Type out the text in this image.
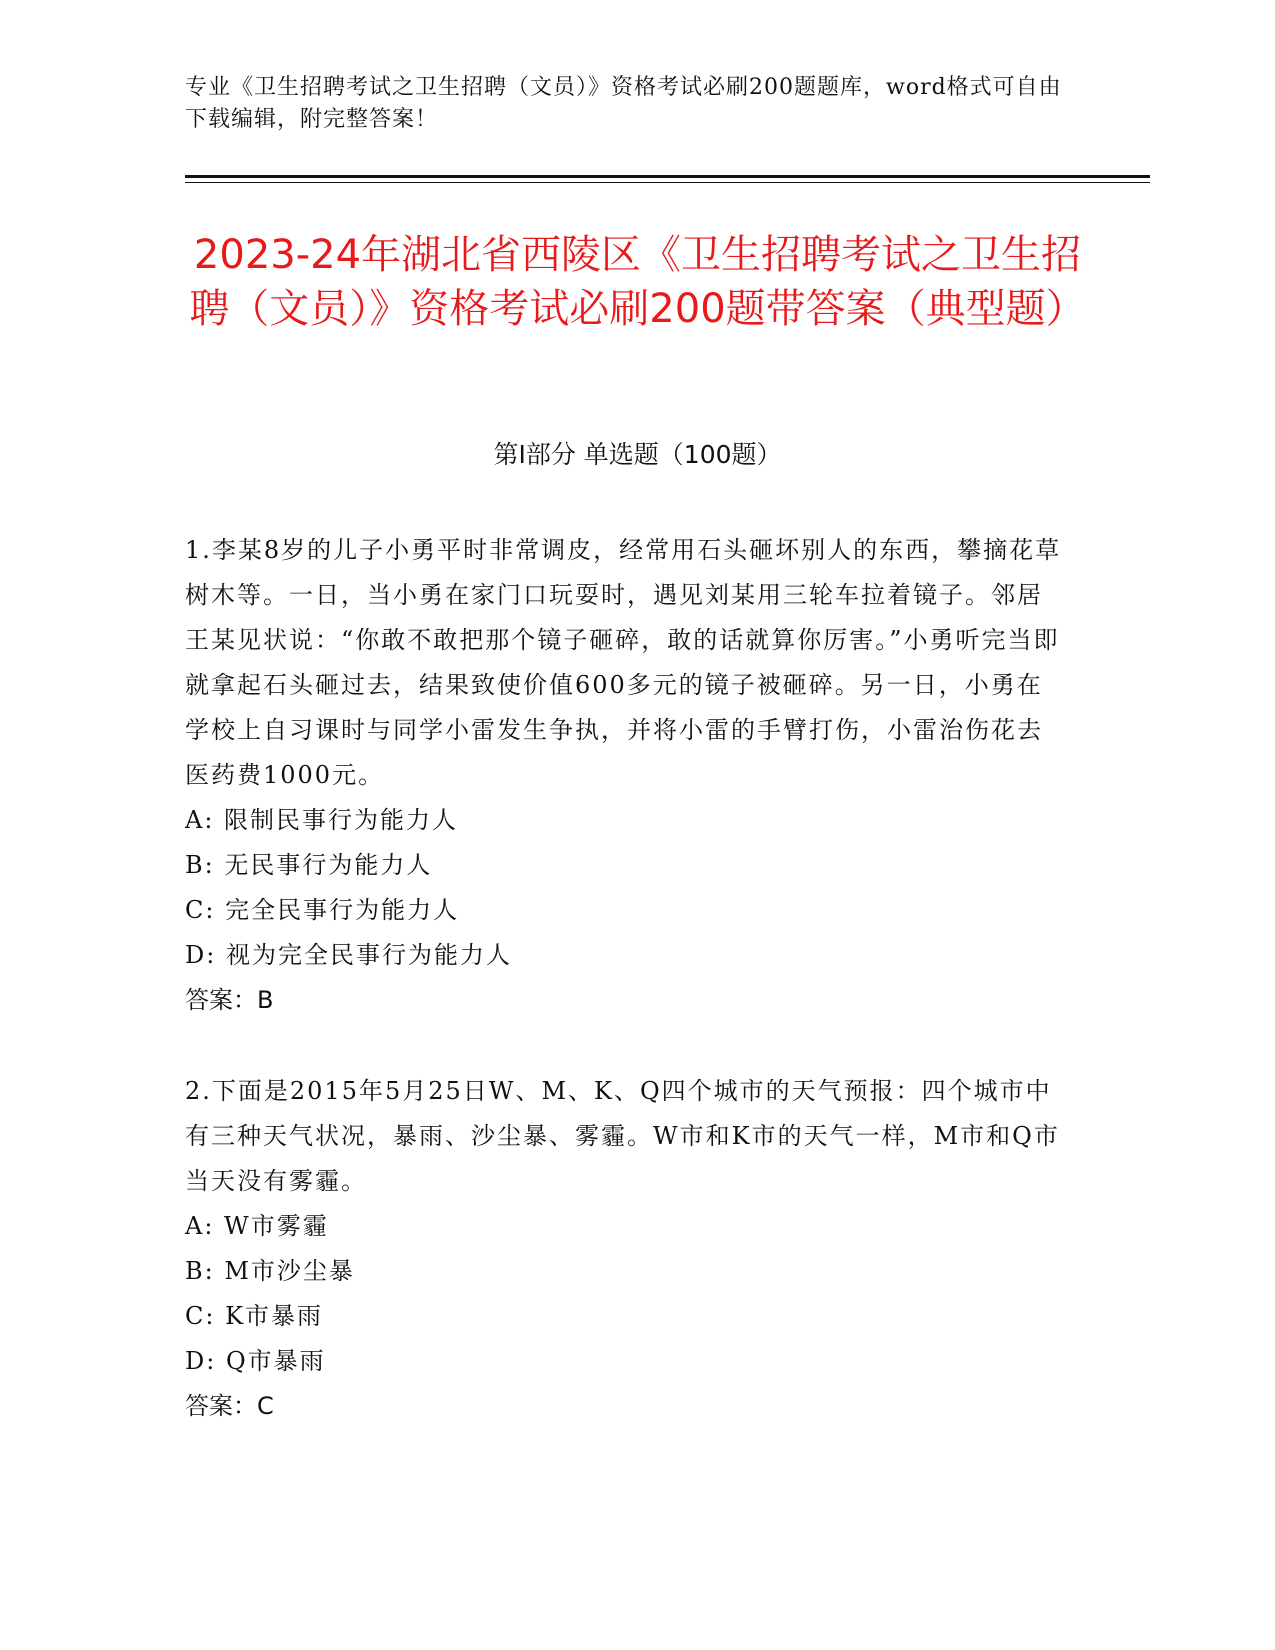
专业《卫生招聘考试之卫生招聘（文员）》资格考试必刷200题题库，word格式可自由下载编辑，附完整答案！
2023-24年湖北省西陵区《卫生招聘考试之卫生招聘（文员）》资格考试必刷200题带答案（典型题）
第I部分 单选题（100题）

1.李某8岁的儿子小勇平时非常调皮，经常用石头砸坏别人的东西，攀摘花草树木等。一日，当小勇在家门口玩耍时，遇见刘某用三轮车拉着镜子。邻居王某见状说：“你敢不敢把那个镜子砸碎，敢的话就算你厉害。”小勇听完当即就拿起石头砸过去，结果致使价值600多元的镜子被砸碎。另一日，小勇在学校上自习课时与同学小雷发生争执，并将小雷的手臂打伤，小雷治伤花去医药费1000元。

A: 限制民事行为能力人

B: 无民事行为能力人

C: 完全民事行为能力人

D: 视为完全民事行为能力人

答案：B

2.下面是2015年5月25日W、M、K、Q四个城市的天气预报：四个城市中有三种天气状况，暴雨、沙尘暴、雾霾。W市和K市的天气一样，M市和Q市当天没有雾霾。

A: W市雾霾

B: M市沙尘暴

C: K市暴雨

D: Q市暴雨

答案：C
